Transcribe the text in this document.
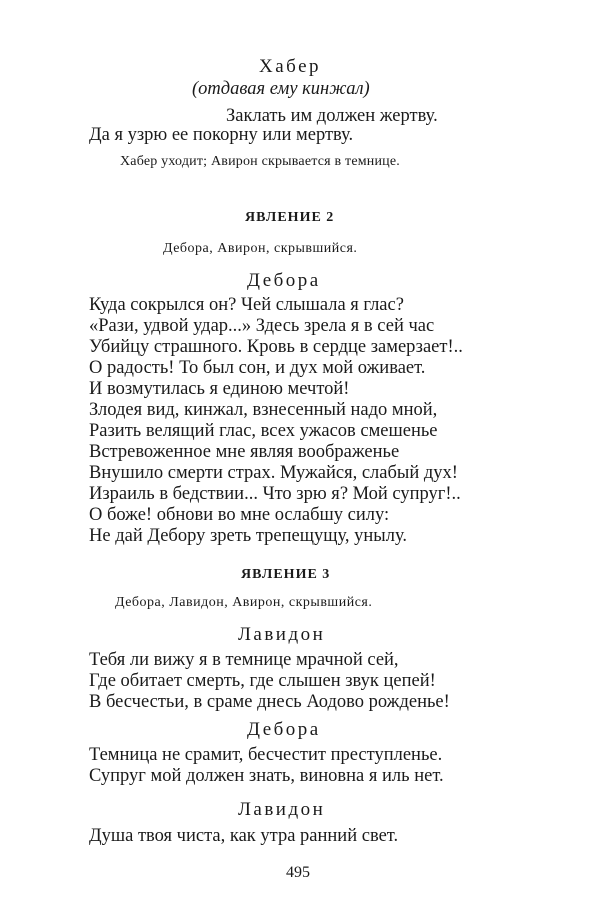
Хабер
(отдавая ему кинжал)
Заклать им должен жертву.
Да я узрю ее покорну или мертву.
Хабер уходит; Авирон скрывается в темнице.
ЯВЛЕНИЕ 2
Дебора, Авирон, скрывшийся.
Дебора
Куда сокрылся он? Чей слышала я глас?
«Рази, удвой удар...» Здесь зрела я в сей час
Убийцу страшного. Кровь в сердце замерзает!..
О радость! То был сон, и дух мой оживает.
И возмутилась я единою мечтой!
Злодея вид, кинжал, взнесенный надо мной,
Разить велящий глас, всех ужасов смешенье
Встревоженное мне являя воображенье
Внушило смерти страх. Мужайся, слабый дух!
Израиль в бедствии... Что зрю я? Мой супруг!..
О боже! обнови во мне ослабшу силу:
Не дай Дебору зреть трепещущу, унылу.
ЯВЛЕНИЕ 3
Дебора, Лавидон, Авирон, скрывшийся.
Лавидон
Тебя ли вижу я в темнице мрачной сей,
Где обитает смерть, где слышен звук цепей!
В бесчестьи, в сраме днесь Аодово рожденье!
Дебора
Темница не срамит, бесчестит преступленье.
Супруг мой должен знать, виновна я иль нет.
Лавидон
Душа твоя чиста, как утра ранний свет.
495
